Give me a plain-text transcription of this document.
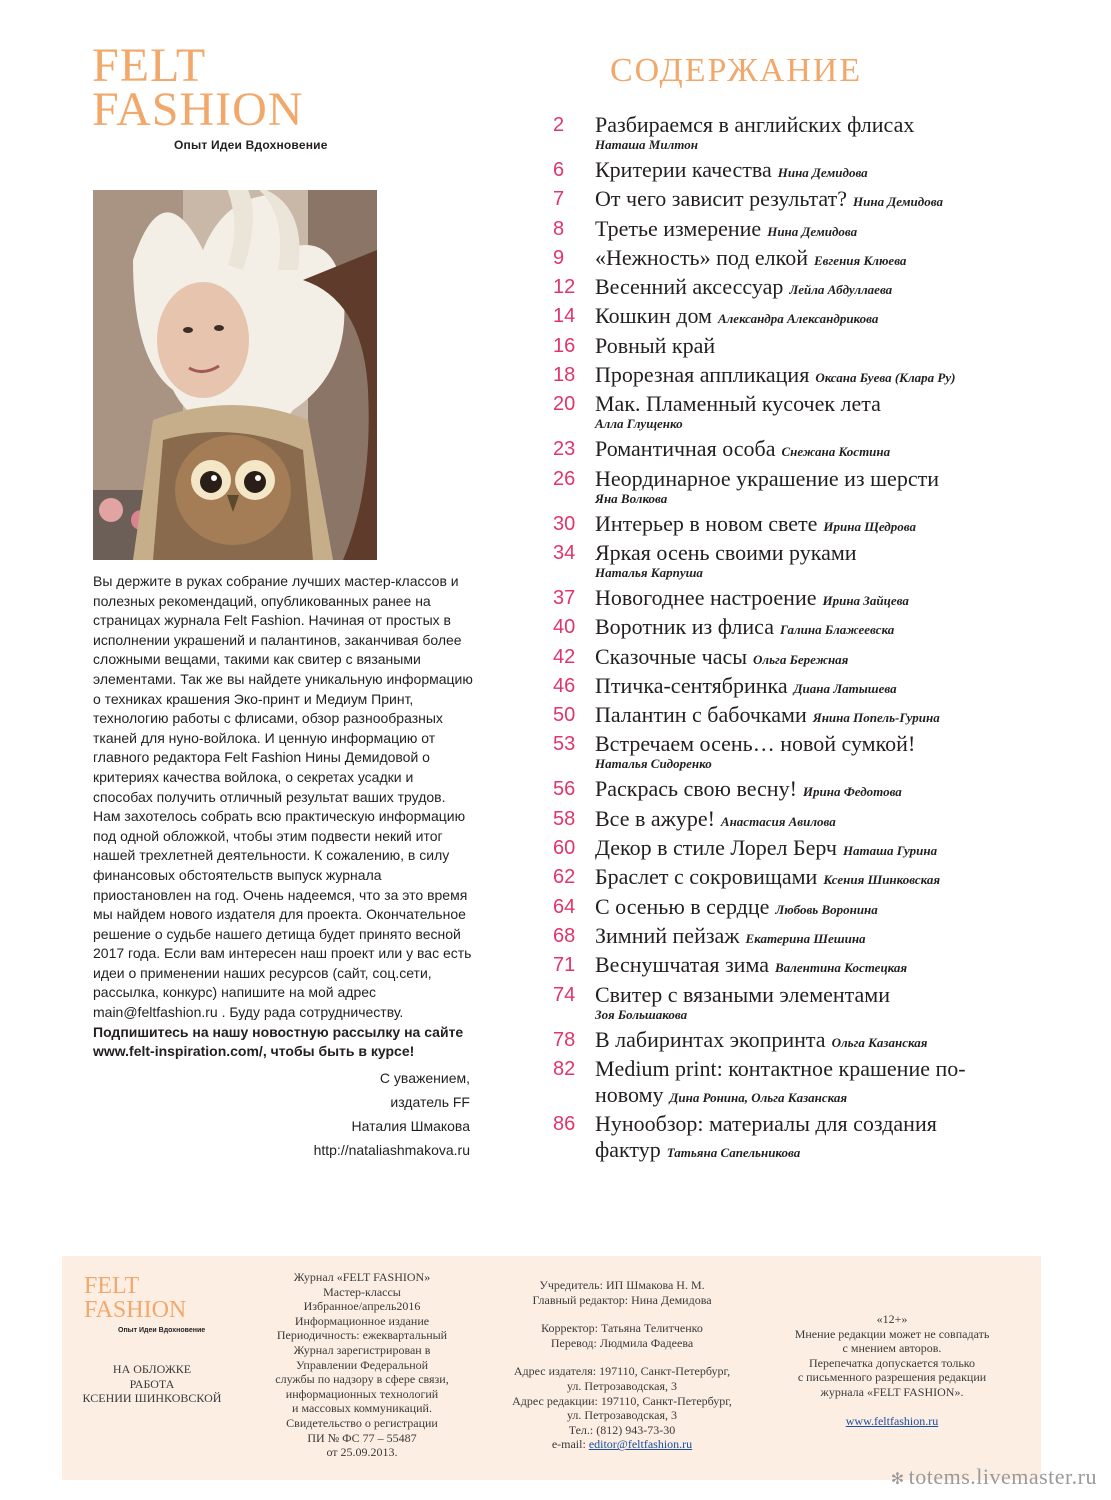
FELT
FASHION
Опыт Идеи Вдохновение

Вы держите в руках собрание лучших мастер-классов и полезных рекомендаций, опубликованных ранее на страницах журнала Felt Fashion. Начиная от простых в исполнении украшений и палантинов, заканчивая более сложными вещами, такими как свитер с вязаными элементами. Так же вы найдете уникальную информацию о техниках крашения Эко-принт и Медиум Принт, технологию работы с флисами, обзор разнообразных тканей для нуно-войлока. И ценную информацию от главного редактора Felt Fashion Нины Демидовой о критериях качества войлока, о секретах усадки и способах получить отличный результат ваших трудов. Нам захотелось собрать всю практическую информацию под одной обложкой, чтобы этим подвести некий итог нашей трехлетней деятельности. К сожалению, в силу финансовых обстоятельств выпуск журнала приостановлен на год. Очень надеемся, что за это время мы найдем нового издателя для проекта. Окончательное решение о судьбе нашего детища будет принято весной 2017 года. Если вам интересен наш проект или у вас есть идеи о применении наших ресурсов (сайт, соц.сети, рассылка, конкурс) напишите на мой адрес main@feltfashion.ru . Буду рада сотрудничеству.

Подпишитесь на нашу новостную рассылку на сайте www.felt-inspiration.com/, чтобы быть в курсе!

С уважением,
издатель FF
Наталия Шмакова
http://nataliashmakova.ru
СОДЕРЖАНИЕ
2	Разбираемся в английских флисах
Наташа Милтон
6	Критерии качества Нина Демидова
7	От чего зависит результат? Нина Демидова
8	Третье измерение Нина Демидова
9	«Нежность» под елкой Евгения Клюева
12 Весенний аксессуар Лейла Абдуллаева
14 Кошкин дом Александра Александрикова
16 Ровный край
18 Прорезная аппликация Оксана Буева (Клара Ру)
20 Мак. Пламенный кусочек лета
Алла Глущенко
23 Романтичная особа Снежана Костина
26 Неординарное украшение из шерсти
Яна Волкова
30 Интерьер в новом свете Ирина Щедрова
34 Яркая осень своими руками
Наталья Карпуша
37 Новогоднее настроение Ирина Зайцева
40 Воротник из флиса Галина Блажеевска
42 Сказочные часы Ольга Бережная
46 Птичка-сентябринка Диана Латышева
50 Палантин с бабочками Янина Попель-Гурина
53 Встречаем осень… новой сумкой!
Наталья Сидоренко
56 Раскрась свою весну! Ирина Федотова
58 Все в ажуре! Анастасия Авилова
60 Декор в стиле Лорел Берч Наташа Гурина
62 Браслет с сокровищами Ксения Шинковская
64 С осенью в сердце Любовь Воронина
68 Зимний пейзаж Екатерина Шешина
71 Веснушчатая зима Валентина Костецкая
74 Свитер с вязаными элементами
Зоя Большакова
78 В лабиринтах экопринта Ольга Казанская
82 Medium print: контактное крашение по-новому Дина Ронина, Ольга Казанская
86 Нунообзор: материалы для создания фактур Татьяна Сапельникова
FELT
FASHION
Опыт Идеи Вдохновение
НА ОБЛОЖКЕ
РАБОТА
КСЕНИИ ШИНКОВСКОЙ
Журнал «FELT FASHION»
Мастер-классы
Избранное/апрель2016
Информационное издание
Периодичность: ежеквартальный
Журнал зарегистрирован в
Управлении Федеральной
службы по надзору в сфере связи,
информационных технологий
и массовых коммуникаций.
Свидетельство о регистрации
ПИ № ФС 77 – 55487
от 25.09.2013.
Учредитель: ИП Шмакова Н. М.
Главный редактор: Нина Демидова
Корректор: Татьяна Телитченко
Перевод: Людмила Фадеева
Адрес издателя: 197110, Санкт-Петербург,
ул. Петрозаводская, 3
Адрес редакции: 197110, Санкт-Петербург,
ул. Петрозаводская, 3
Тел.: (812) 943-73-30
e-mail: editor@feltfashion.ru
«12+»
Мнение редакции может не совпадать
с мнением авторов.
Перепечатка допускается только
с письменного разрешения редакции
журнала «FELT FASHION».
www.feltfashion.ru
✻ totems.livemaster.ru
